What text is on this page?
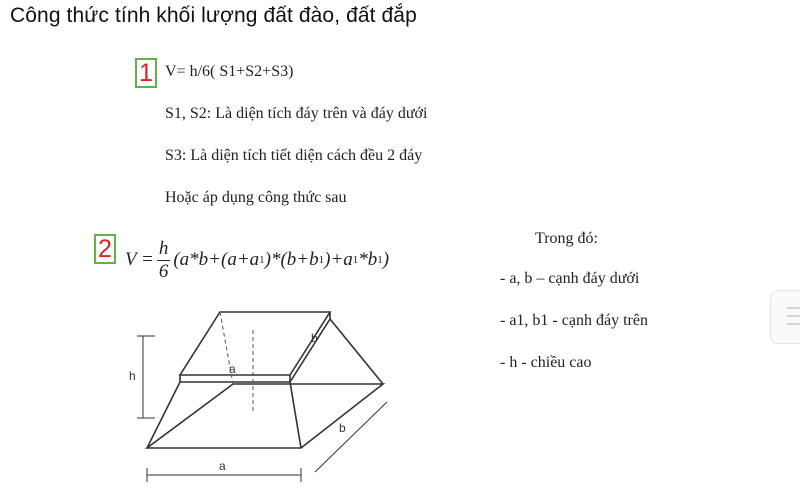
Công thức tính khối lượng đất đào, đất đắp
1 V= h/6( S1+S2+S3)
S1, S2: Là diện tích đáy trên và đáy dưới
S3: Là diện tích tiết diện cách đều 2 đáy
Hoặc áp dụng công thức sau
2 $V = \frac{h}{6} (a*b+(a+a$ 1 )*(b+b 1 )+a 1 *b 1 )
Trong đó:
- a, b – cạnh đáy dưới
- a1, b1 - cạnh đáy trên
- h - chiều cao
h	a
b
a
b
